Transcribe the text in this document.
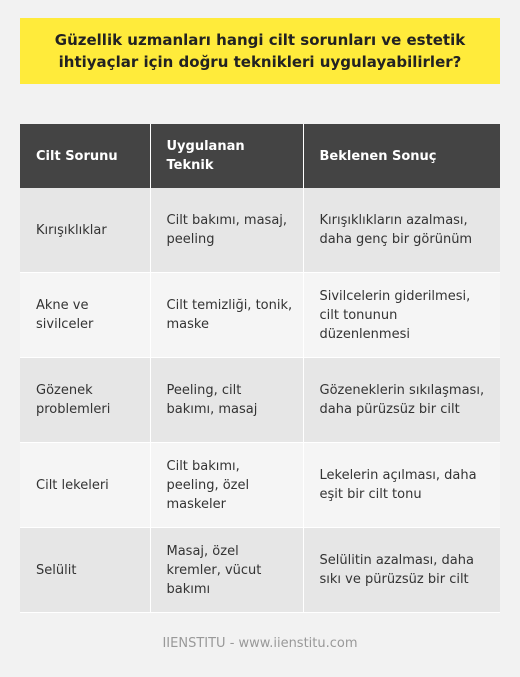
Güzellik uzmanları hangi cilt sorunları ve estetik ihtiyaçlar için doğru teknikleri uygulayabilirler?
Cilt Sorunu	Uygulanan Teknik	Beklenen Sonuç
Kırışıklıklar	Cilt bakımı, masaj, peeling	Kırışıklıkların azalması, daha genç bir görünüm
Akne ve sivilceler	Cilt temizliği, tonik, maske	Sivilcelerin giderilmesi, cilt tonunun düzenlenmesi
Gözenek problemleri	Peeling, cilt bakımı, masaj	Gözeneklerin sıkılaşması, daha pürüzsüz bir cilt
Cilt lekeleri	Cilt bakımı, peeling, özel maskeler	Lekelerin açılması, daha eşit bir cilt tonu
Selülit	Masaj, özel kremler, vücut bakımı	Selülitin azalması, daha sıkı ve pürüzsüz bir cilt
IIENSTITU - www.iienstitu.com
